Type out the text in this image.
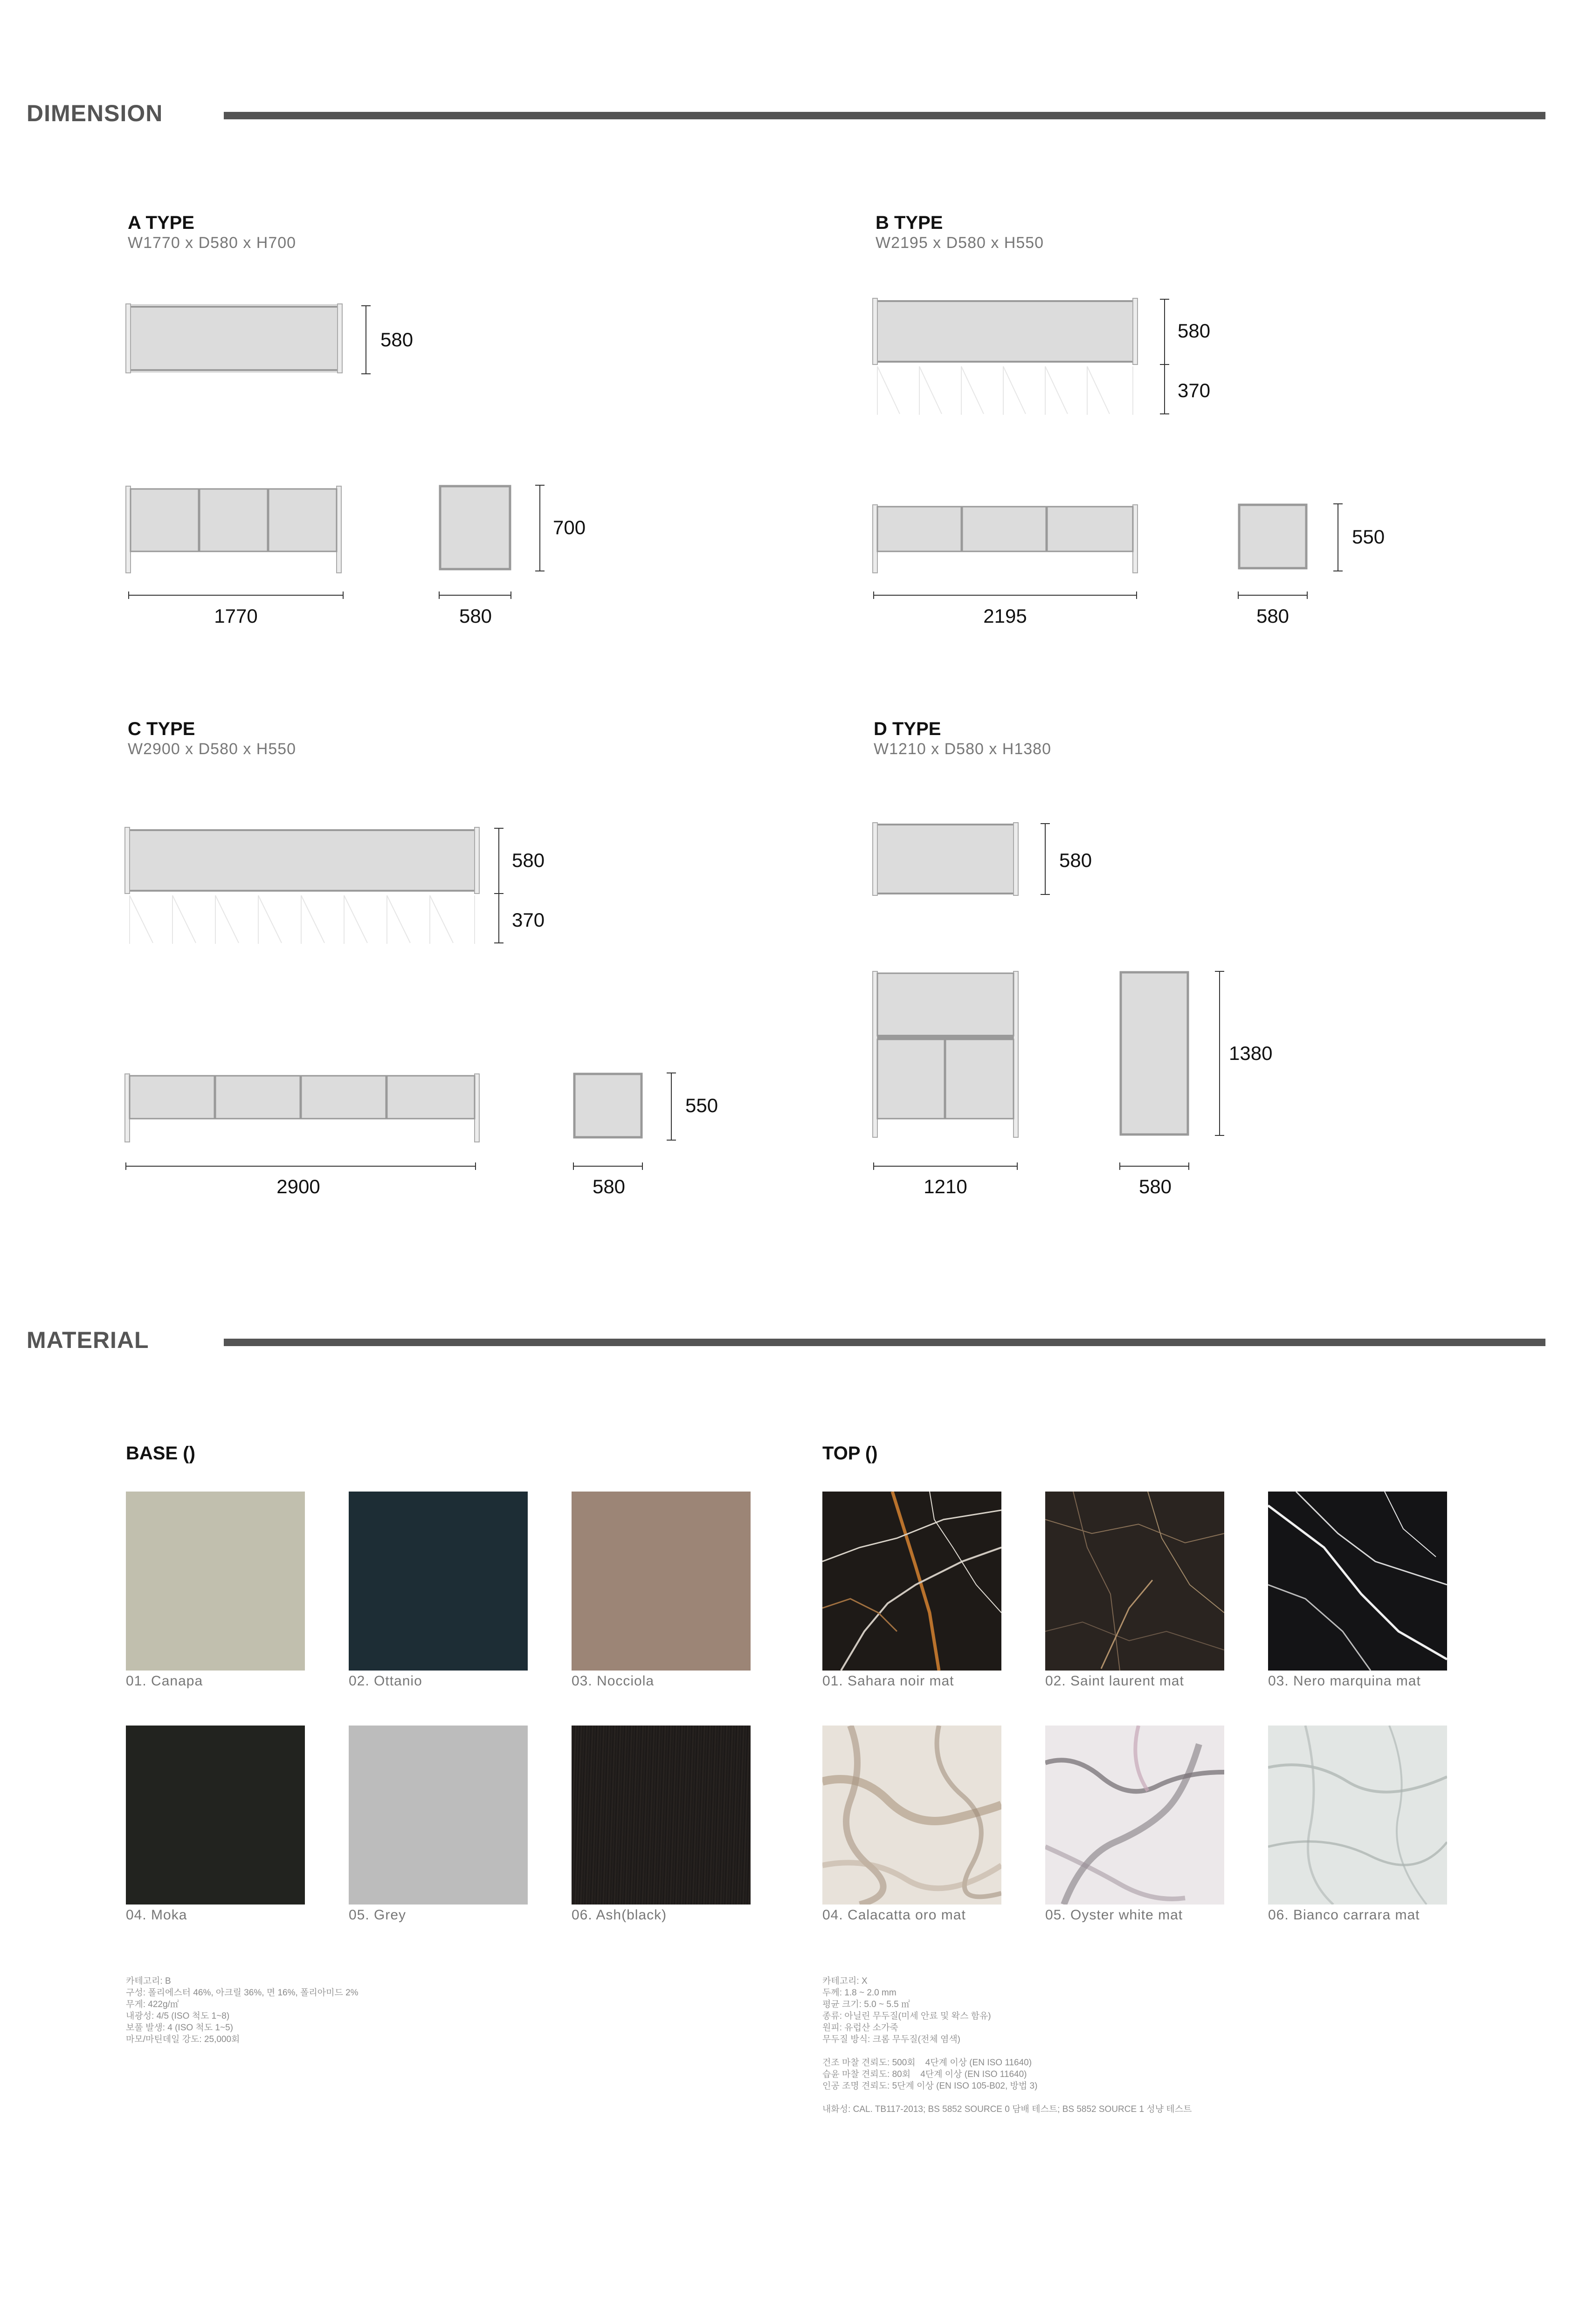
DIMENSION
A TYPE
W1770 x D580 x H700
580
1770
700
580
B TYPE
W2195 x D580 x H550
580
370
2195
550
580
C TYPE
W2900 x D580 x H550
580
370
2900
550
580
D TYPE
W1210 x D580 x H1380
580
1210
1380
580
MATERIAL
BASE ()	TOP ()
01. Canapa	02. Ottanio	03. Nocciola
04. Moka	05. Grey	06. Ash(black)
01. Sahara noir mat	02. Saint laurent mat	03. Nero marquina mat
04. Calacatta oro mat	05. Oyster white mat	06. Bianco carrara mat
카테고리: B
구성: 폴리에스터 46%, 아크릴 36%, 면 16%, 폴리아미드 2%
무게: 422g/㎡
내광성: 4/5 (ISO 척도 1~8)
보풀 발생: 4 (ISO 척도 1~5)
마모/마틴데일 강도: 25,000회
카테고리: X
두께: 1.8 ~ 2.0 mm
평균 크기: 5.0 ~ 5.5 ㎡
종류: 아닐린 무두질(미세 안료 및 왁스 함유)
원피: 유럽산 소가죽
무두질 방식: 크롬 무두질(전체 염색)

건조 마찰 견뢰도: 500회    4단계 이상 (EN ISO 11640)
습윤 마찰 견뢰도: 80회    4단계 이상 (EN ISO 11640)
인공 조명 견뢰도: 5단계 이상 (EN ISO 105-B02, 방법 3)

내화성: CAL. TB117-2013; BS 5852 SOURCE 0 담배 테스트; BS 5852 SOURCE 1 성냥 테스트
